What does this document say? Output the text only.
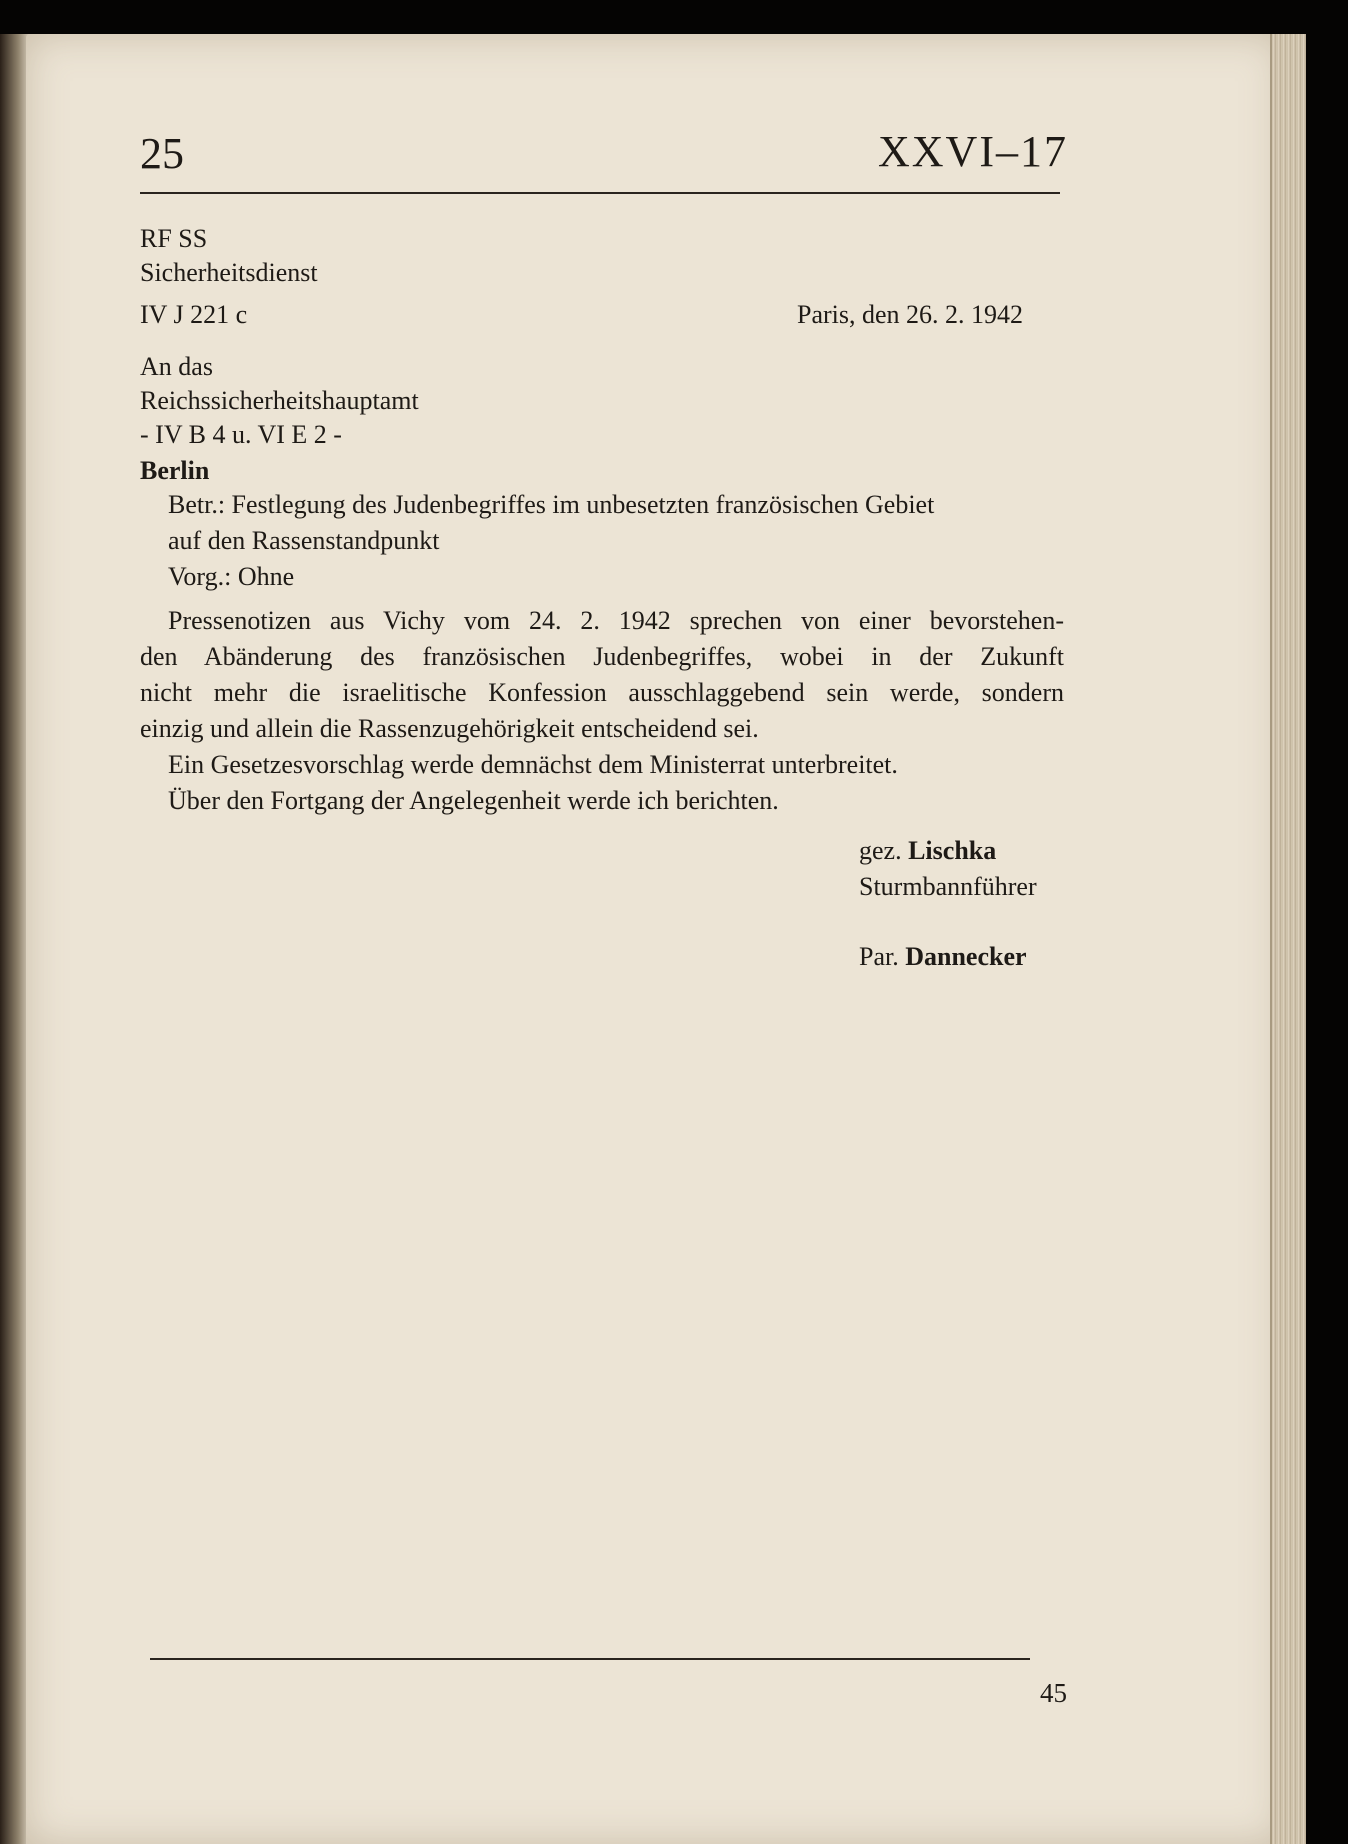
25	XXVI–17
RF SS
Sicherheitsdienst
IV J 221 c	Paris, den 26. 2. 1942
An das
Reichssicherheitshauptamt
- IV B 4 u. VI E 2 -
Berlin
Betr.: Festlegung des Judenbegriffes im unbesetzten französischen Gebiet
auf den Rassenstandpunkt
Vorg.: Ohne
Pressenotizen aus Vichy vom 24. 2. 1942 sprechen von einer bevorstehen-
den Abänderung des französischen Judenbegriffes, wobei in der Zukunft
nicht mehr die israelitische Konfession ausschlaggebend sein werde, sondern
einzig und allein die Rassenzugehörigkeit entscheidend sei.
Ein Gesetzesvorschlag werde demnächst dem Ministerrat unterbreitet.
Über den Fortgang der Angelegenheit werde ich berichten.
gez. Lischka
Sturmbannführer
Par. Dannecker
45
